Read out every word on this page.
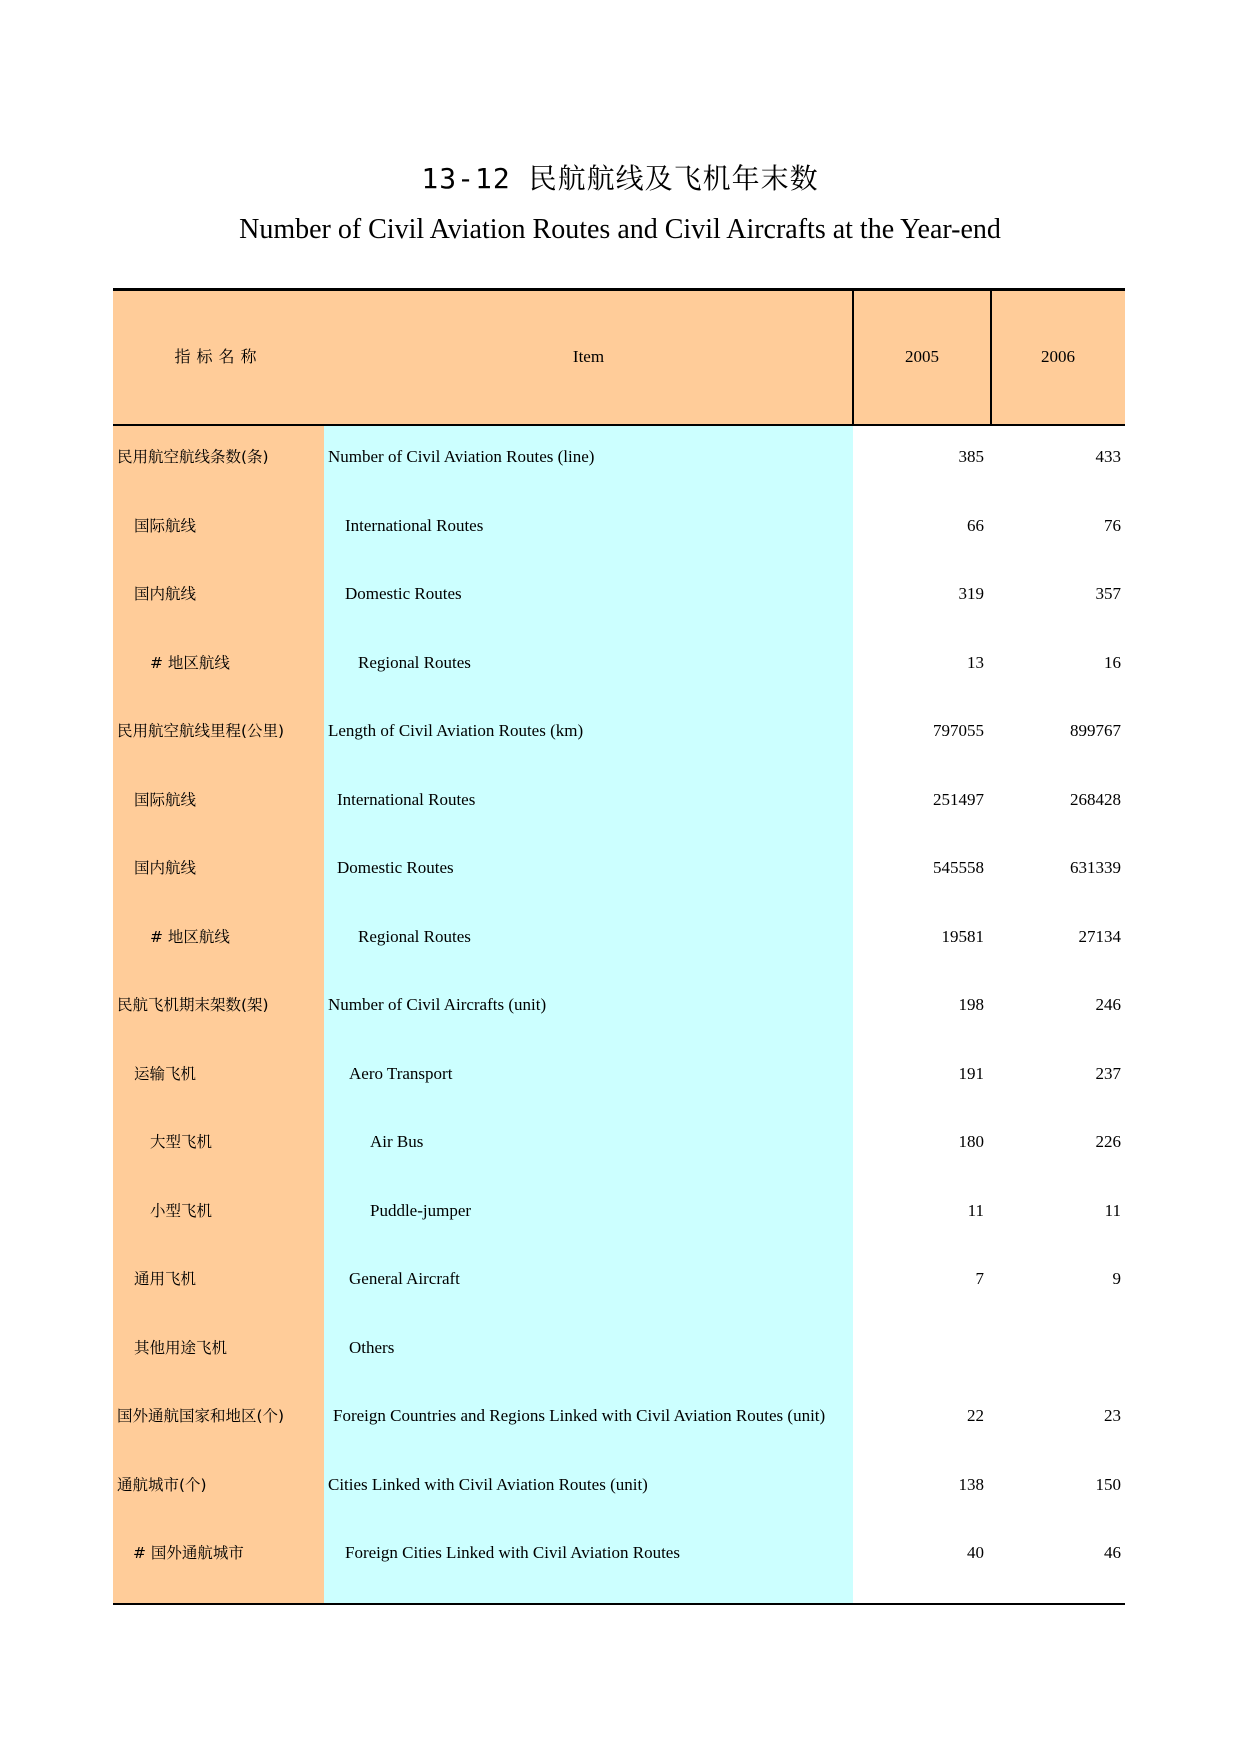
13-12 民航航线及飞机年末数
Number of Civil Aviation Routes and Civil Aircrafts at the Year-end
指标名称	Item	2005	2006
民用航空航线条数(条)	Number of Civil Aviation Routes (line)	385	433
国际航线	International Routes	66	76
国内航线	Domestic Routes	319	357
# 地区航线	Regional Routes	13	16
民用航空航线里程(公里)	Length of Civil Aviation Routes (km)	797055	899767
国际航线	International Routes	251497	268428
国内航线	Domestic Routes	545558	631339
# 地区航线	Regional Routes	19581	27134
民航飞机期末架数(架)	Number of Civil Aircrafts (unit)	198	246
运输飞机	Aero Transport	191	237
大型飞机	Air Bus	180	226
小型飞机	Puddle-jumper	11	11
通用飞机	General Aircraft	7	9
其他用途飞机	Others
国外通航国家和地区(个)	Foreign Countries and Regions Linked with Civil Aviation Routes (unit)	22	23
通航城市(个)	Cities Linked with Civil Aviation Routes (unit)	138	150
# 国外通航城市	Foreign Cities Linked with Civil Aviation Routes	40	46
